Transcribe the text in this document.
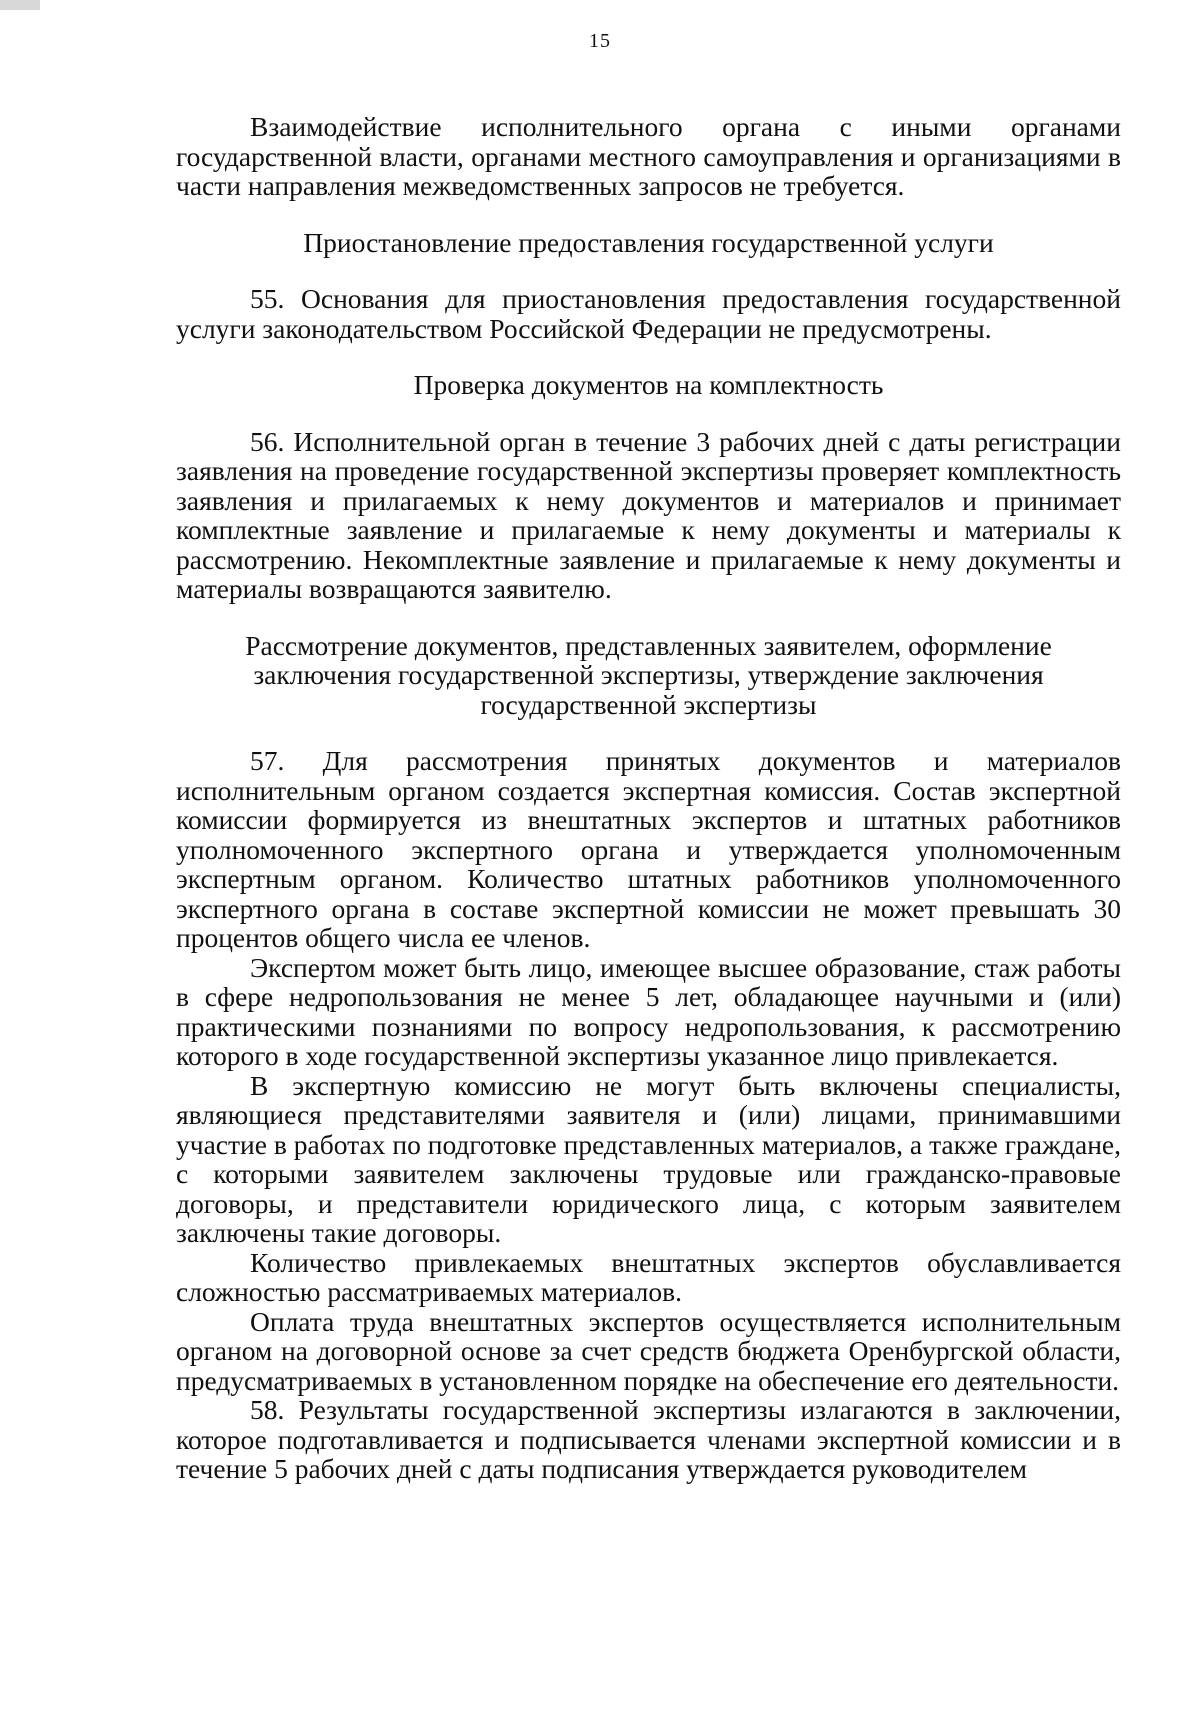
15

Взаимодействие исполнительного органа с иными органами государственной власти, органами местного самоуправления и организациями в части направления межведомственных запросов не требуется.

Приостановление предоставления государственной услуги

55. Основания для приостановления предоставления государственной услуги законодательством Российской Федерации не предусмотрены.

Проверка документов на комплектность

56. Исполнительной орган в течение 3 рабочих дней с даты регистрации заявления на проведение государственной экспертизы проверяет комплектность заявления и прилагаемых к нему документов и материалов и принимает комплектные заявление и прилагаемые к нему документы и материалы к рассмотрению. Некомплектные заявление и прилагаемые к нему документы и материалы возвращаются заявителю.

Рассмотрение документов, представленных заявителем, оформление

заключения государственной экспертизы, утверждение заключения

государственной экспертизы

57. Для рассмотрения принятых документов и материалов исполнительным органом создается экспертная комиссия. Состав экспертной комиссии формируется из внештатных экспертов и штатных работников уполномоченного экспертного органа и утверждается уполномоченным экспертным органом. Количество штатных работников уполномоченного экспертного органа в составе экспертной комиссии не может превышать 30 процентов общего числа ее членов.

Экспертом может быть лицо, имеющее высшее образование, стаж работы в сфере недропользования не менее 5 лет, обладающее научными и (или) практическими познаниями по вопросу недропользования, к рассмотрению которого в ходе государственной экспертизы указанное лицо привлекается.

В экспертную комиссию не могут быть включены специалисты, являющиеся представителями заявителя и (или) лицами, принимавшими участие в работах по подготовке представленных материалов, а также граждане, с которыми заявителем заключены трудовые или гражданско-правовые договоры, и представители юридического лица, с которым заявителем заключены такие договоры.

Количество привлекаемых внештатных экспертов обуславливается сложностью рассматриваемых материалов.

Оплата труда внештатных экспертов осуществляется исполнительным органом на договорной основе за счет средств бюджета Оренбургской области, предусматриваемых в установленном порядке на обеспечение его деятельности.

58. Результаты государственной экспертизы излагаются в заключении, которое подготавливается и подписывается членами экспертной комиссии и в течение 5 рабочих дней с даты подписания утверждается руководителем
